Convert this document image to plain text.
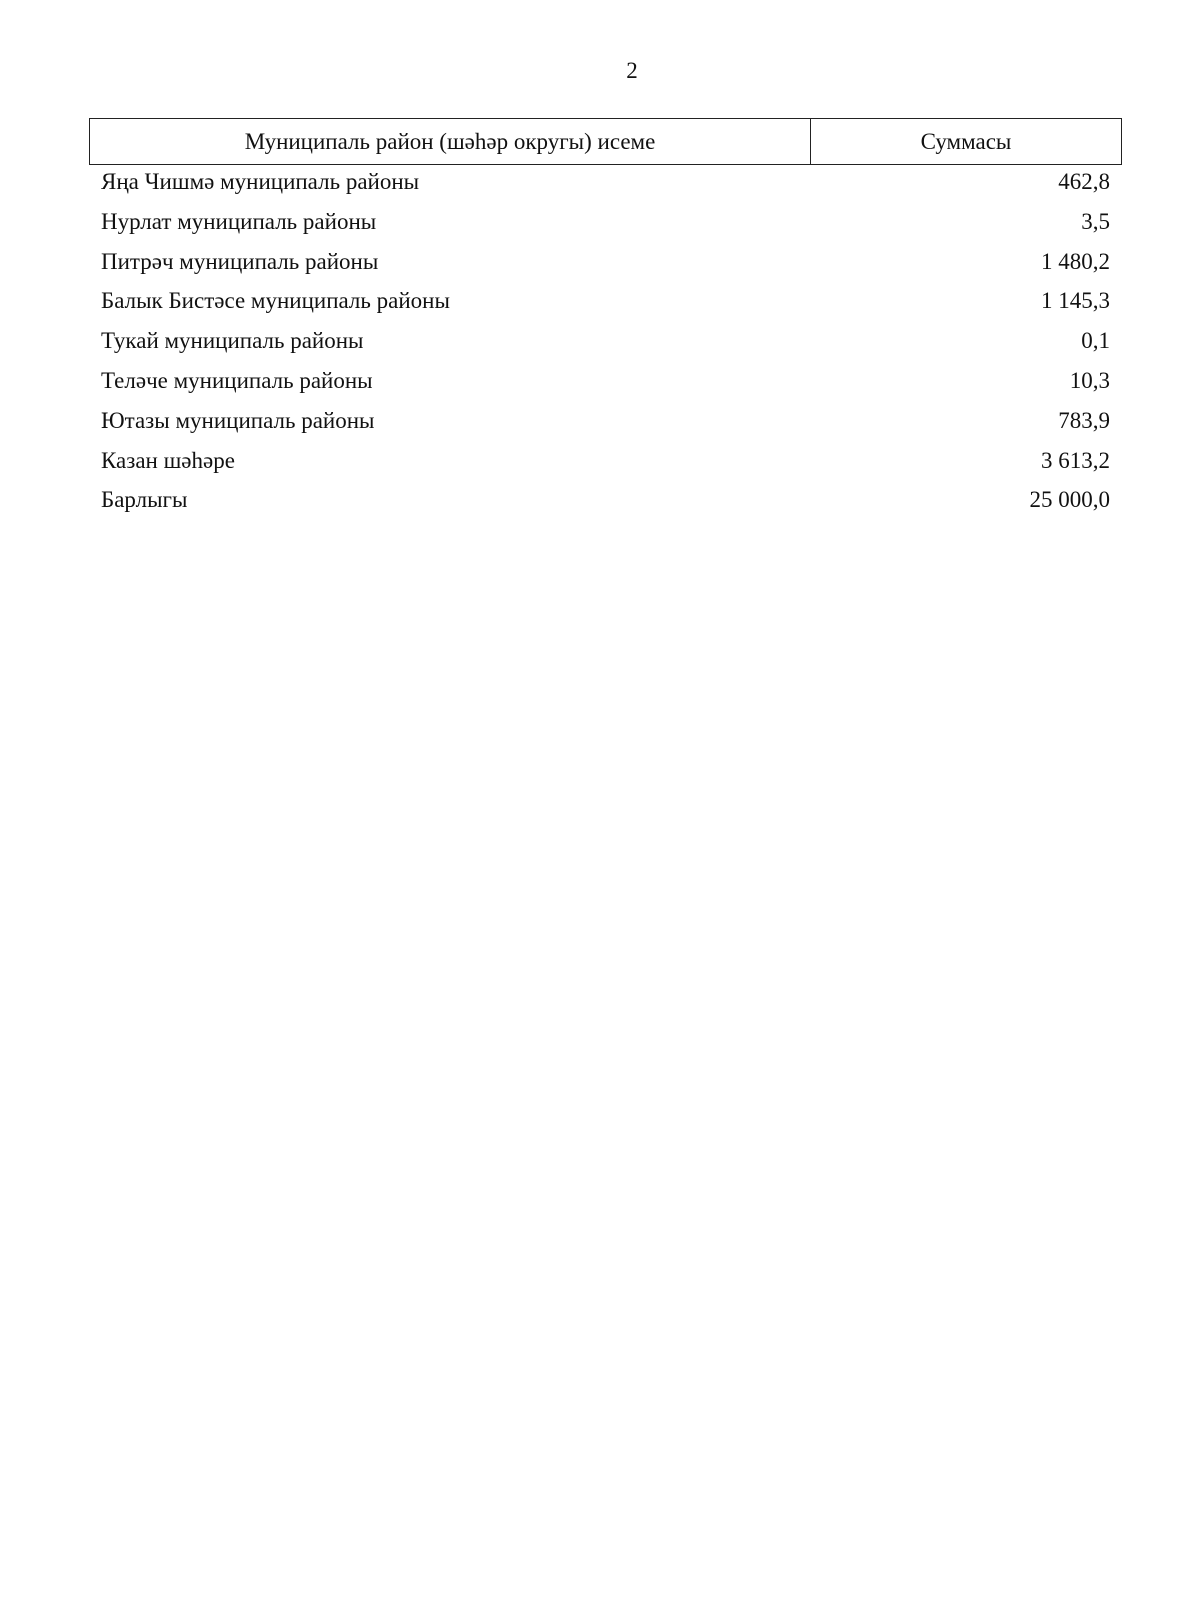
2
Муниципаль район (шәһәр округы) исеме	Суммасы
Яңа Чишмә муниципаль районы	462,8
Нурлат муниципаль районы	3,5
Питрәч муниципаль районы	1 480,2
Балык Бистәсе муниципаль районы	1 145,3
Тукай муниципаль районы	0,1
Теләче муниципаль районы	10,3
Ютазы муниципаль районы	783,9
Казан шәһәре	3 613,2
Барлыгы	25 000,0
